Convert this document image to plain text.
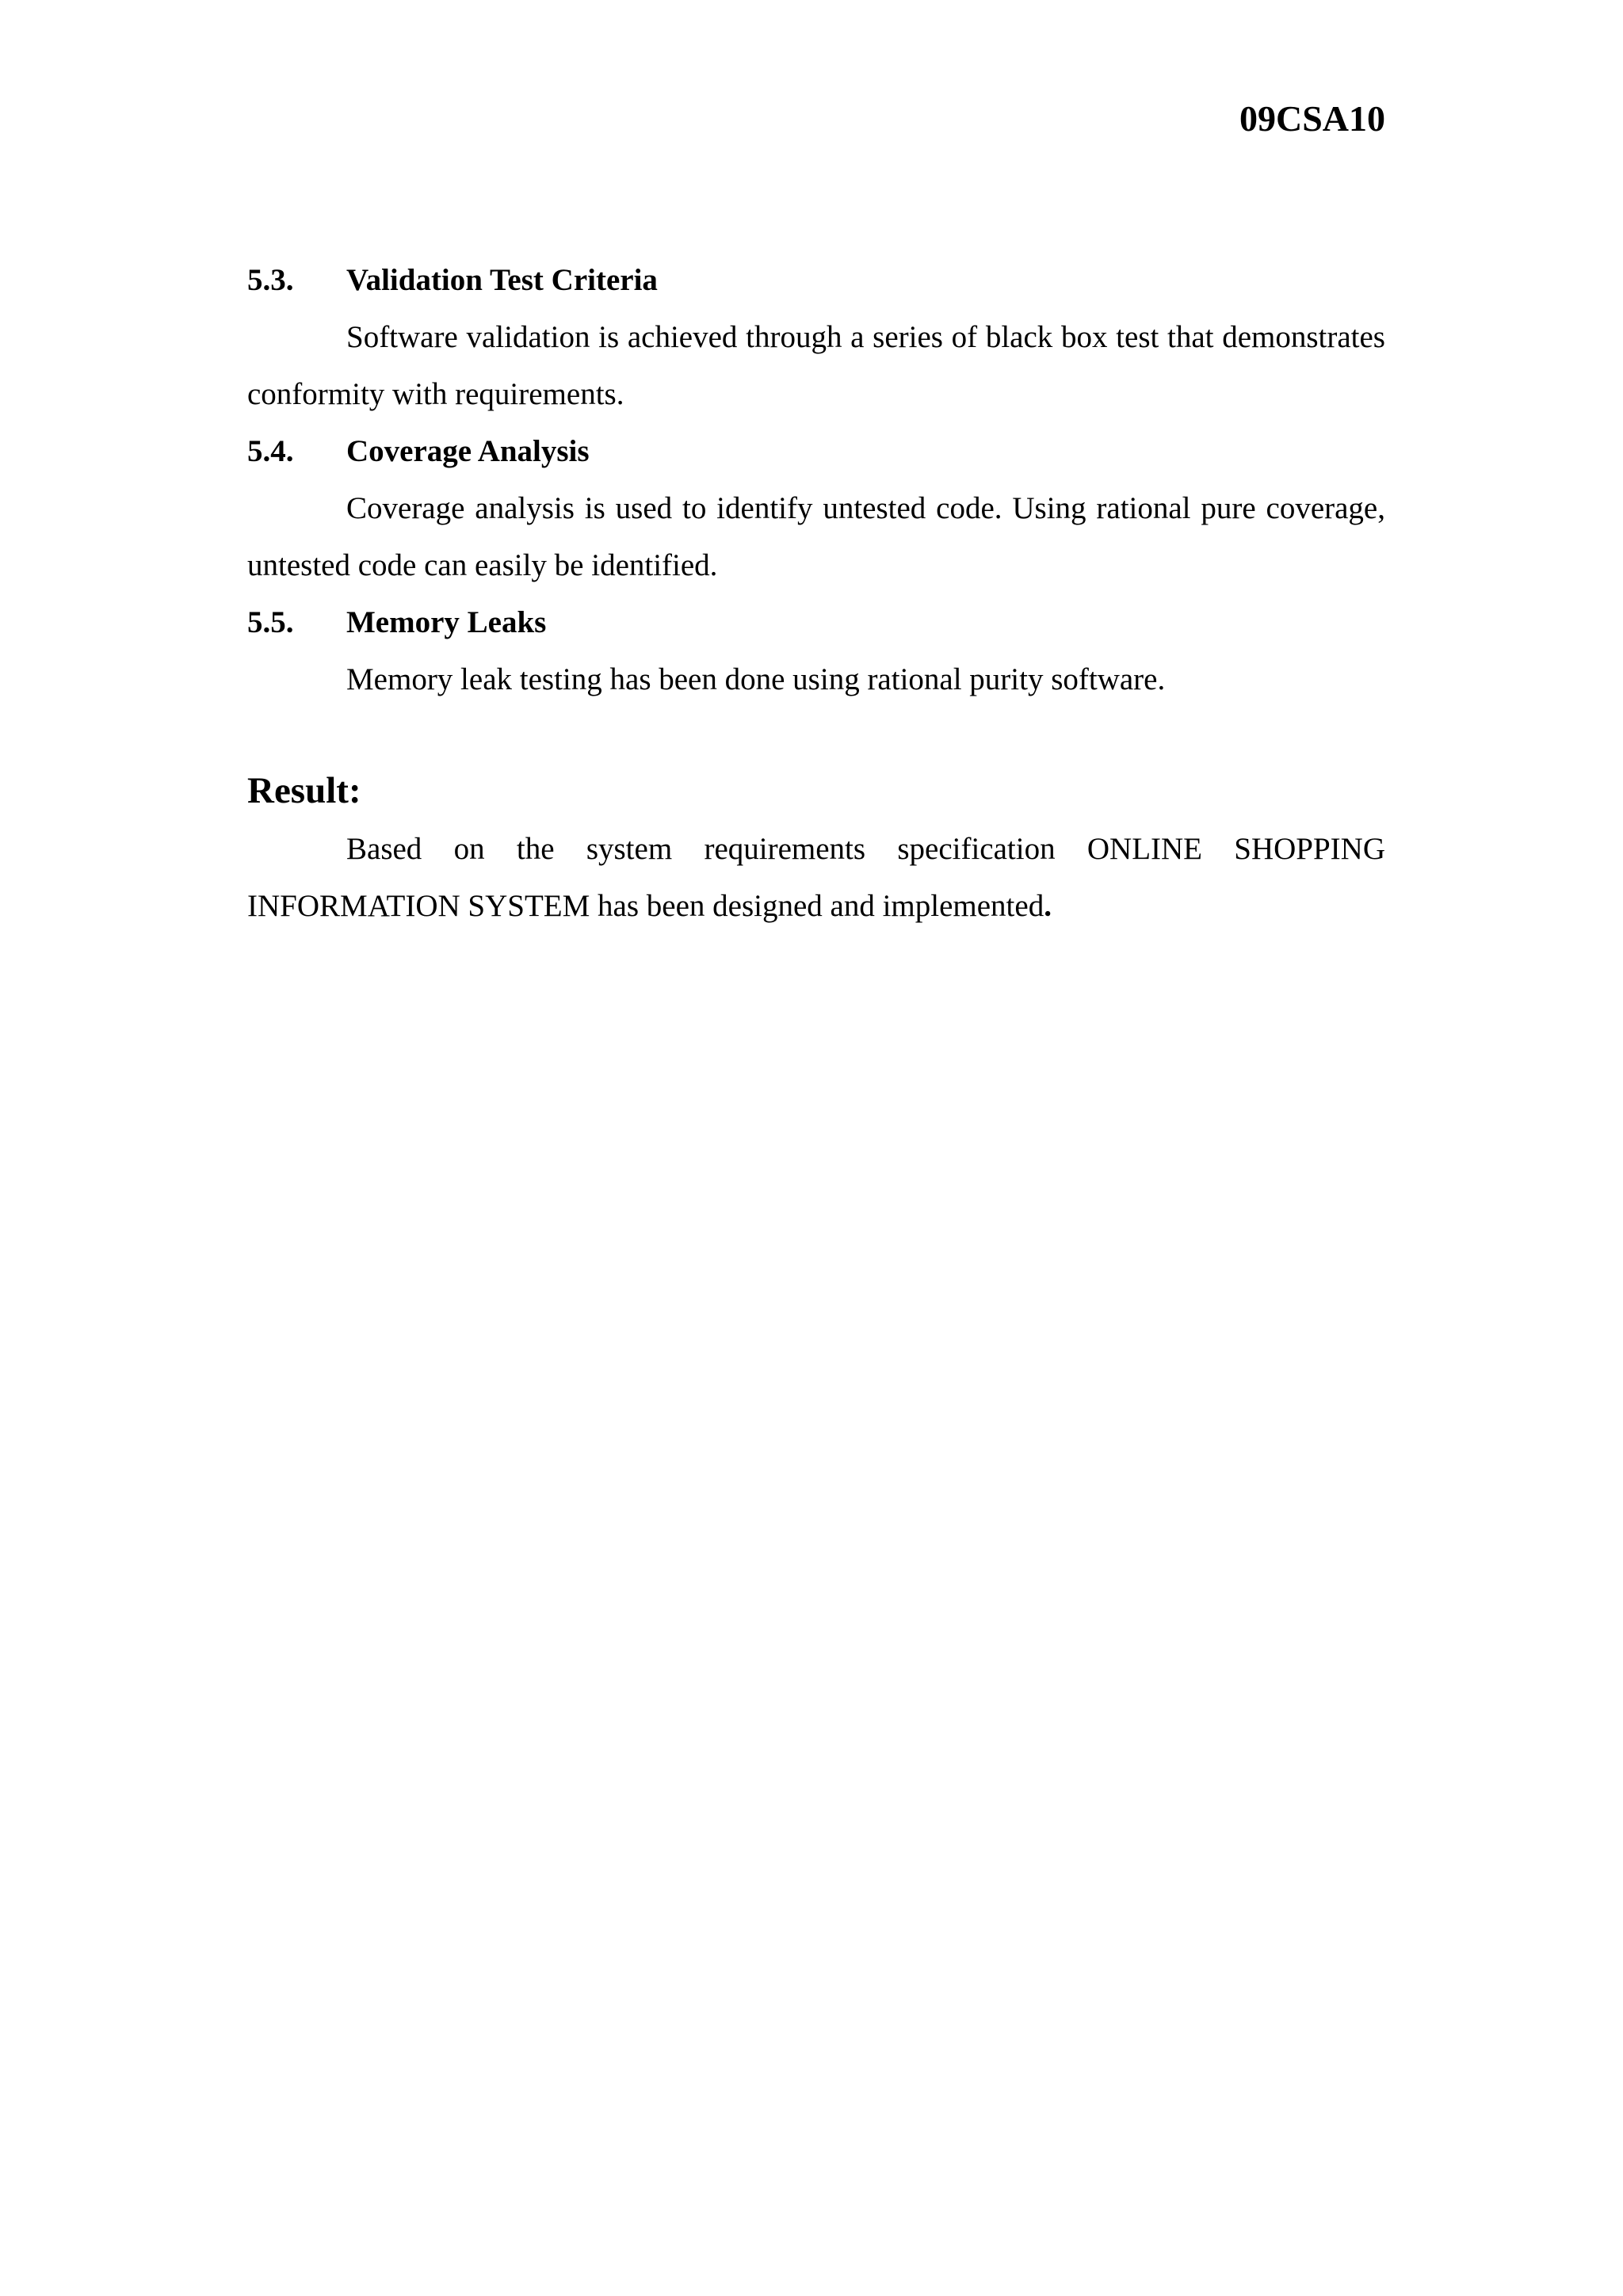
09CSA10
5.3.	Validation Test Criteria

Software validation is achieved through a series of black box test that demonstrates conformity with requirements.

5.4.	Coverage Analysis

Coverage analysis is used to identify untested code. Using rational pure coverage, untested code can easily be identified.

5.5.	Memory Leaks

Memory leak testing has been done using rational purity software.

Result:

Based on the system requirements specification ONLINE SHOPPING INFORMATION SYSTEM has been designed and implemented.
